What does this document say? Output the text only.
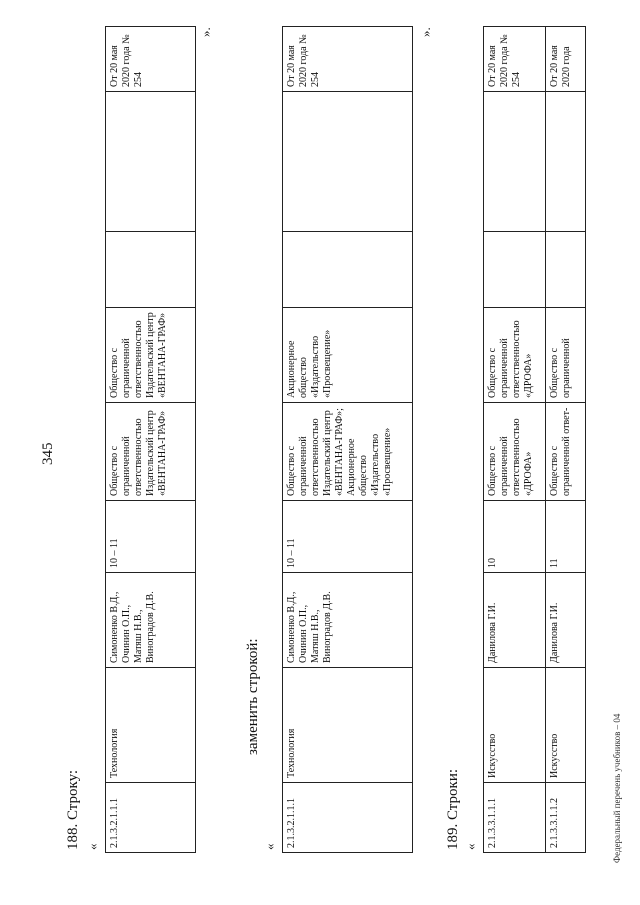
345
188. Строку: « 2.1.3.2.1.1.1	Технология	Симоненко В.Д., Очинин О.П., Матяш Н.В., Виноградов Д.В.	10 – 11	Общество с ограниченной ответственностью Издательский центр «ВЕНТАНА-ГРАФ»	Общество с ограниченной ответственностью Издательский центр «ВЕНТАНА-ГРАФ»			От 20 мая 2020 года № 254
».
заменить строкой:
« 2.1.3.2.1.1.1	Технология	Симоненко В.Д., Очинин О.П., Матяш Н.В., Виноградов Д.В.	10 – 11	Общество с ограниченной ответственностью Издательский центр «ВЕНТАНА-ГРАФ»; Акционерное общество «Издательство «Просвещение»	Акционерное общество «Издательство «Просвещение»			От 20 мая 2020 года № 254
».
189. Строки: « 2.1.3.3.1.1.1	Искусство	Данилова Г.И.	10	Общество с ограниченной ответственностью «ДРОФА»	Общество с ограниченной ответственностью «ДРОФА»			От 20 мая 2020 года № 254
2.1.3.3.1.1.2	Искусство	Данилова Г.И.	11	Общество с ограниченной ответ-	Общество с ограниченной			От 20 мая 2020 года
Федеральный перечень учебников – 04
